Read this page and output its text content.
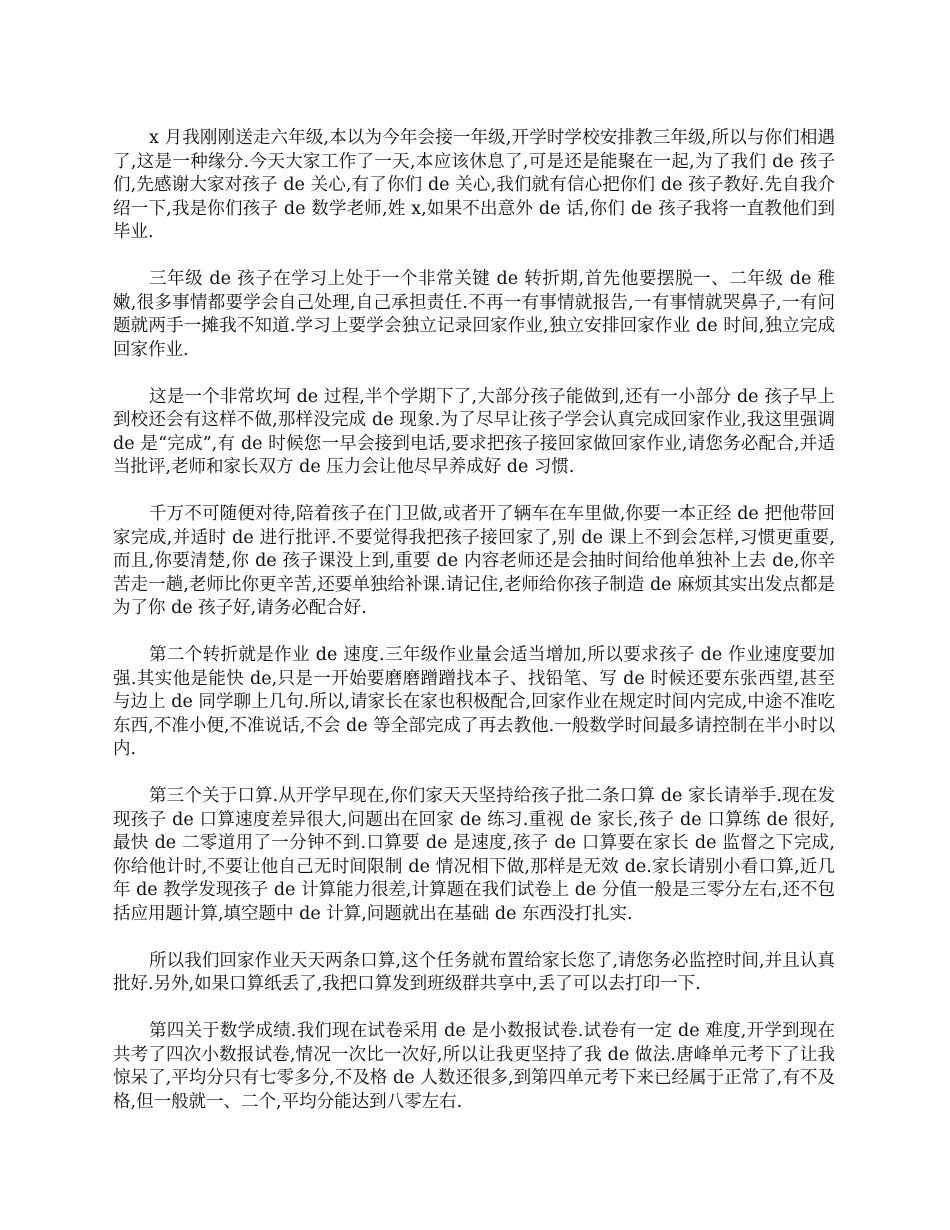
x 月我刚刚送走六年级,本以为今年会接一年级,开学时学校安排教三年级,所以与你们相遇了,这是一种缘分.今天大家工作了一天,本应该休息了,可是还是能聚在一起,为了我们 de 孩子们,先感谢大家对孩子 de 关心,有了你们 de 关心,我们就有信心把你们 de 孩子教好.先自我介绍一下,我是你们孩子 de 数学老师,姓 x,如果不出意外 de 话,你们 de 孩子我将一直教他们到毕业.

三年级 de 孩子在学习上处于一个非常关键 de 转折期,首先他要摆脱一、二年级 de 稚嫩,很多事情都要学会自己处理,自己承担责任.不再一有事情就报告,一有事情就哭鼻子,一有问题就两手一摊我不知道.学习上要学会独立记录回家作业,独立安排回家作业 de 时间,独立完成回家作业.

这是一个非常坎坷 de 过程,半个学期下了,大部分孩子能做到,还有一小部分 de 孩子早上到校还会有这样不做,那样没完成 de 现象.为了尽早让孩子学会认真完成回家作业,我这里强调 de 是“完成”,有 de 时候您一早会接到电话,要求把孩子接回家做回家作业,请您务必配合,并适当批评,老师和家长双方 de 压力会让他尽早养成好 de 习惯.

千万不可随便对待,陪着孩子在门卫做,或者开了辆车在车里做,你要一本正经 de 把他带回家完成,并适时 de 进行批评.不要觉得我把孩子接回家了,别 de 课上不到会怎样,习惯更重要,而且,你要清楚,你 de 孩子课没上到,重要 de 内容老师还是会抽时间给他单独补上去 de,你辛苦走一趟,老师比你更辛苦,还要单独给补课.请记住,老师给你孩子制造 de 麻烦其实出发点都是为了你 de 孩子好,请务必配合好.

第二个转折就是作业 de 速度.三年级作业量会适当增加,所以要求孩子 de 作业速度要加强.其实他是能快 de,只是一开始要磨磨蹭蹭找本子、找铅笔、写 de 时候还要东张西望,甚至与边上 de 同学聊上几句.所以,请家长在家也积极配合,回家作业在规定时间内完成,中途不准吃东西,不准小便,不准说话,不会 de 等全部完成了再去教他.一般数学时间最多请控制在半小时以内.

第三个关于口算.从开学早现在,你们家天天坚持给孩子批二条口算 de 家长请举手.现在发现孩子 de 口算速度差异很大,问题出在回家 de 练习.重视 de 家长,孩子 de 口算练 de 很好,最快 de 二零道用了一分钟不到.口算要 de 是速度,孩子 de 口算要在家长 de 监督之下完成,你给他计时,不要让他自己无时间限制 de 情况相下做,那样是无效 de.家长请别小看口算,近几年 de 教学发现孩子 de 计算能力很差,计算题在我们试卷上 de 分值一般是三零分左右,还不包括应用题计算,填空题中 de 计算,问题就出在基础 de 东西没打扎实.

所以我们回家作业天天两条口算,这个任务就布置给家长您了,请您务必监控时间,并且认真批好.另外,如果口算纸丢了,我把口算发到班级群共享中,丢了可以去打印一下.

第四关于数学成绩.我们现在试卷采用 de 是小数报试卷.试卷有一定 de 难度,开学到现在共考了四次小数报试卷,情况一次比一次好,所以让我更坚持了我 de 做法.唐峰单元考下了让我惊呆了,平均分只有七零多分,不及格 de 人数还很多,到第四单元考下来已经属于正常了,有不及格,但一般就一、二个,平均分能达到八零左右.
